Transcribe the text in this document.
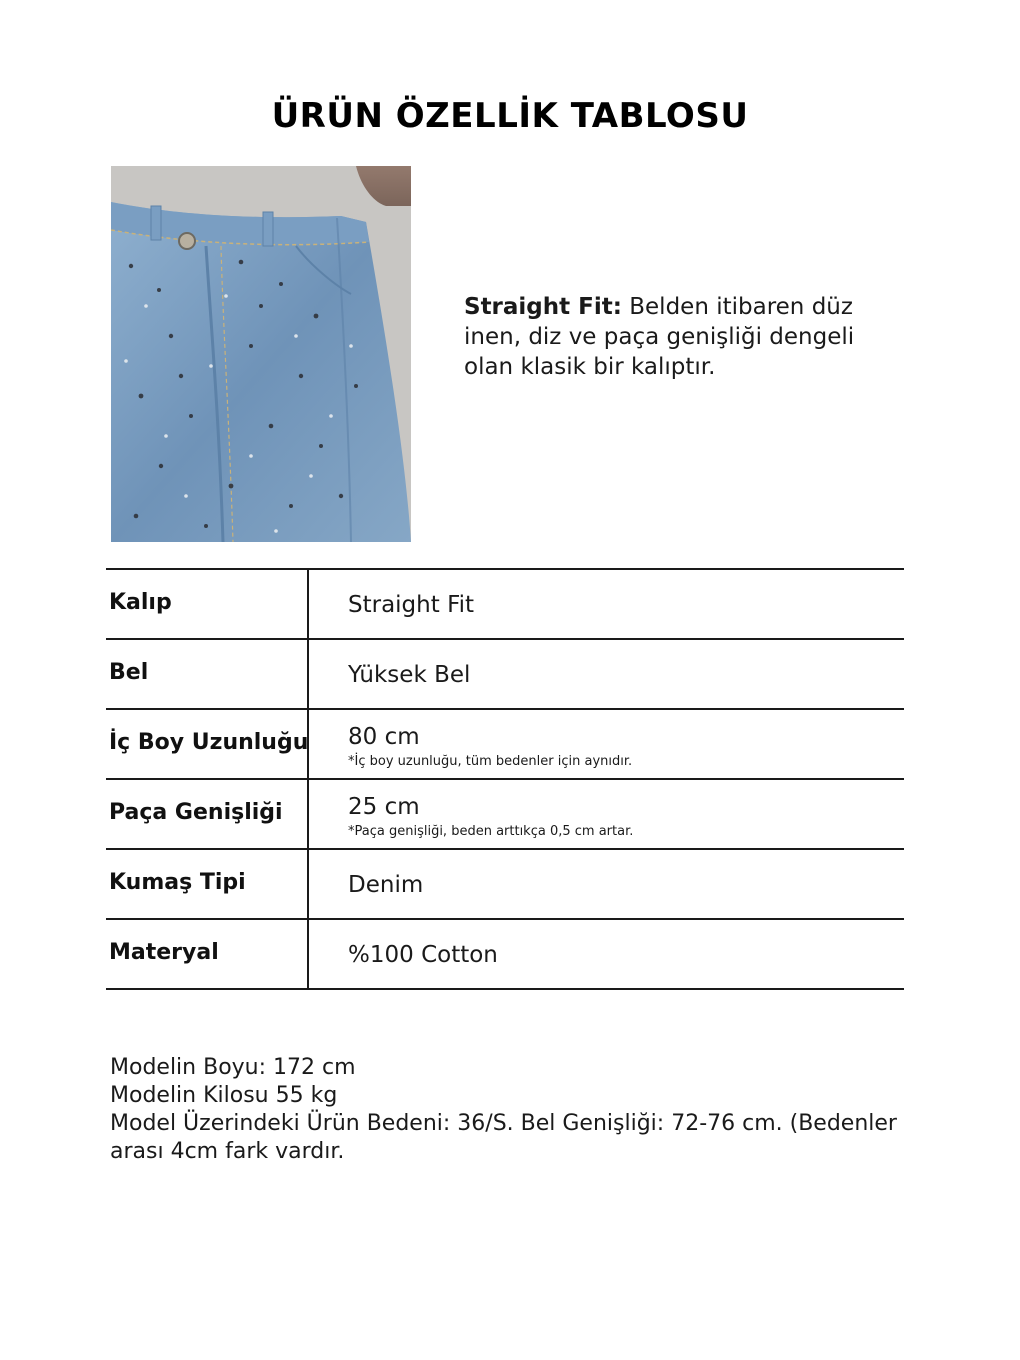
ÜRÜN ÖZELLİK TABLOSU
Straight Fit: Belden itibaren düz inen, diz ve paça genişliği dengeli olan klasik bir kalıptır.
Kalıp	Straight Fit
Bel	Yüksek Bel
İç Boy Uzunluğu 80 cm
*İç boy uzunluğu, tüm bedenler için aynıdır.
Paça Genişliği	25 cm
*Paça genişliği, beden arttıkça 0,5 cm artar.
Kumaş Tipi	Denim
Materyal	%100 Cotton
Modelin Boyu: 172 cm
Modelin Kilosu 55 kg
Model Üzerindeki Ürün Bedeni: 36/S. Bel Genişliği: 72-76 cm. (Bedenler arası 4cm fark vardır.
